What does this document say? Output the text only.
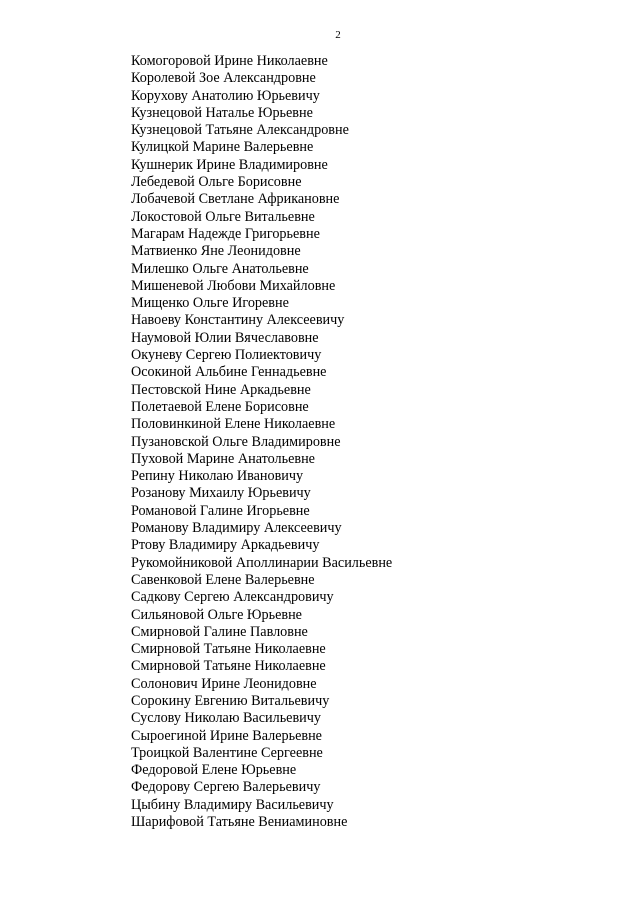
2
Комогоровой Ирине Николаевне
Королевой Зое Александровне
Корухову Анатолию Юрьевичу
Кузнецовой Наталье Юрьевне
Кузнецовой Татьяне Александровне
Кулицкой Марине Валерьевне
Кушнерик Ирине Владимировне
Лебедевой Ольге Борисовне
Лобачевой Светлане Африкановне
Локостовой Ольге Витальевне
Магарам Надежде Григорьевне
Матвиенко Яне Леонидовне
Милешко Ольге Анатольевне
Мишеневой Любови Михайловне
Мищенко Ольге Игоревне
Навоеву Константину Алексеевичу
Наумовой Юлии Вячеславовне
Окуневу Сергею Полиектовичу
Осокиной Альбине Геннадьевне
Пестовской Нине Аркадьевне
Полетаевой Елене Борисовне
Половинкиной Елене Николаевне
Пузановской Ольге Владимировне
Пуховой Марине Анатольевне
Репину Николаю Ивановичу
Розанову Михаилу Юрьевичу
Романовой Галине Игорьевне
Романову Владимиру Алексеевичу
Ртову Владимиру Аркадьевичу
Рукомойниковой Аполлинарии Васильевне
Савенковой Елене Валерьевне
Садкову Сергею Александровичу
Сильяновой Ольге Юрьевне
Смирновой Галине Павловне
Смирновой Татьяне Николаевне
Смирновой Татьяне Николаевне
Солонович Ирине Леонидовне
Сорокину Евгению Витальевичу
Суслову Николаю Васильевичу
Сыроегиной Ирине Валерьевне
Троицкой Валентине Сергеевне
Федоровой Елене Юрьевне
Федорову Сергею Валерьевичу
Цыбину Владимиру Васильевичу
Шарифовой Татьяне Вениаминовне
